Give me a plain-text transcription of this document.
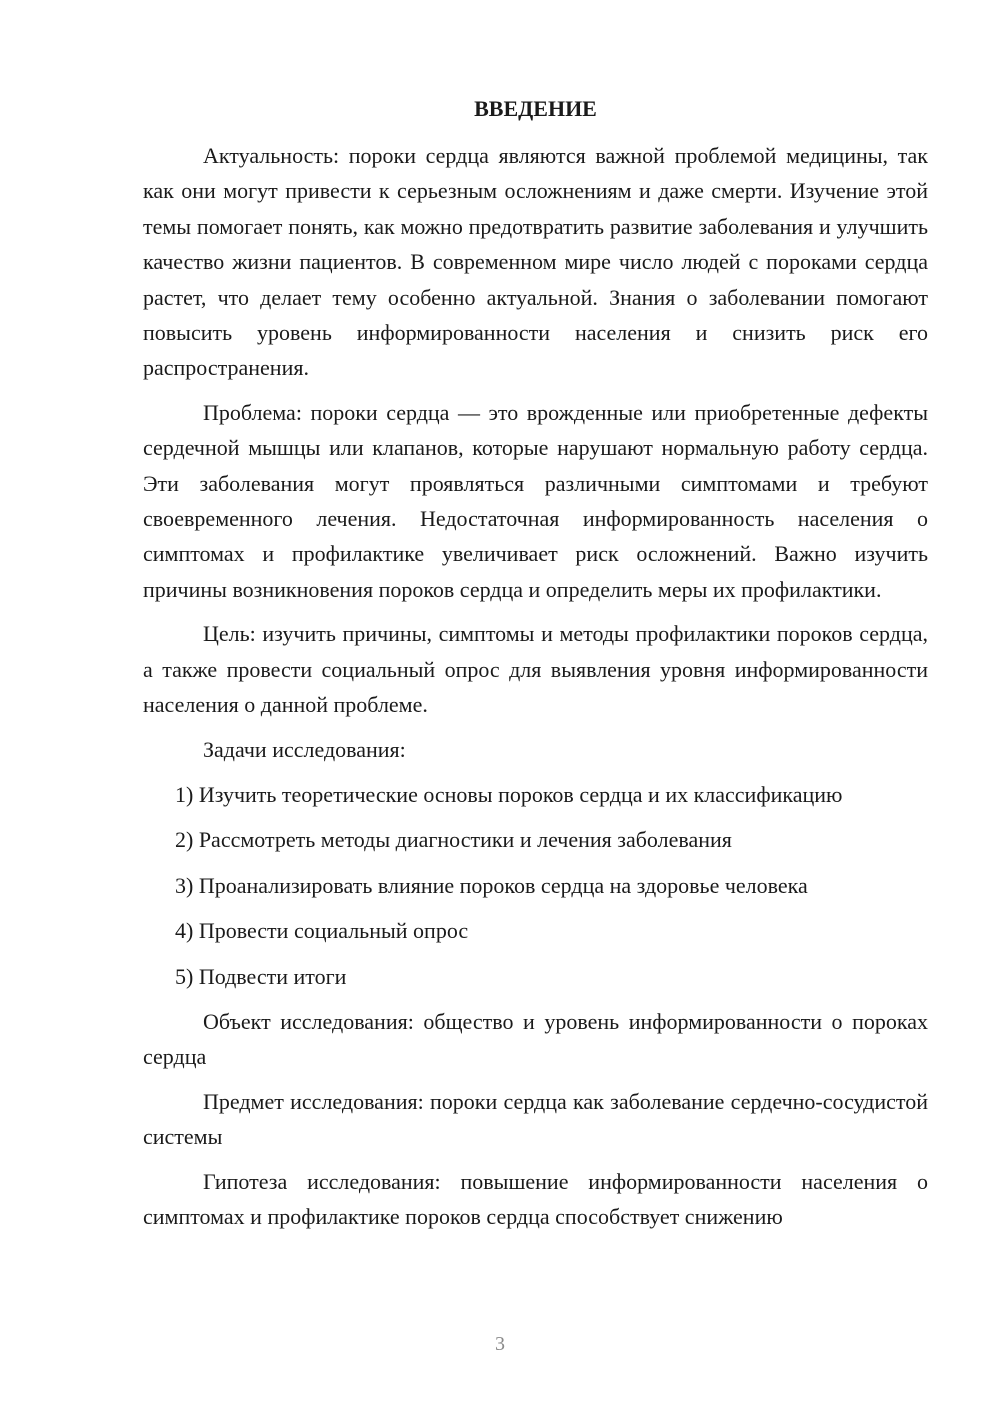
ВВЕДЕНИЕ

Актуальность: пороки сердца являются важной проблемой медицины, так как они могут привести к серьезным осложнениям и даже смерти. Изучение этой темы помогает понять, как можно предотвратить развитие заболевания и улучшить качество жизни пациентов. В современном мире число людей с пороками сердца растет, что делает тему особенно актуальной. Знания о заболевании помогают повысить уровень информированности населения и снизить риск его распространения.

Проблема: пороки сердца — это врожденные или приобретенные дефекты сердечной мышцы или клапанов, которые нарушают нормальную работу сердца. Эти заболевания могут проявляться различными симптомами и требуют своевременного лечения. Недостаточная информированность населения о симптомах и профилактике увеличивает риск осложнений. Важно изучить причины возникновения пороков сердца и определить меры их профилактики.

Цель: изучить причины, симптомы и методы профилактики пороков сердца, а также провести социальный опрос для выявления уровня информированности населения о данной проблеме.

Задачи исследования:

1) Изучить теоретические основы пороков сердца и их классификацию

2) Рассмотреть методы диагностики и лечения заболевания

3) Проанализировать влияние пороков сердца на здоровье человека

4) Провести социальный опрос

5) Подвести итоги

Объект исследования: общество и уровень информированности о пороках сердца

Предмет исследования: пороки сердца как заболевание сердечно-сосудистой системы

Гипотеза исследования: повышение информированности населения о симптомах и профилактике пороков сердца способствует снижению

3
